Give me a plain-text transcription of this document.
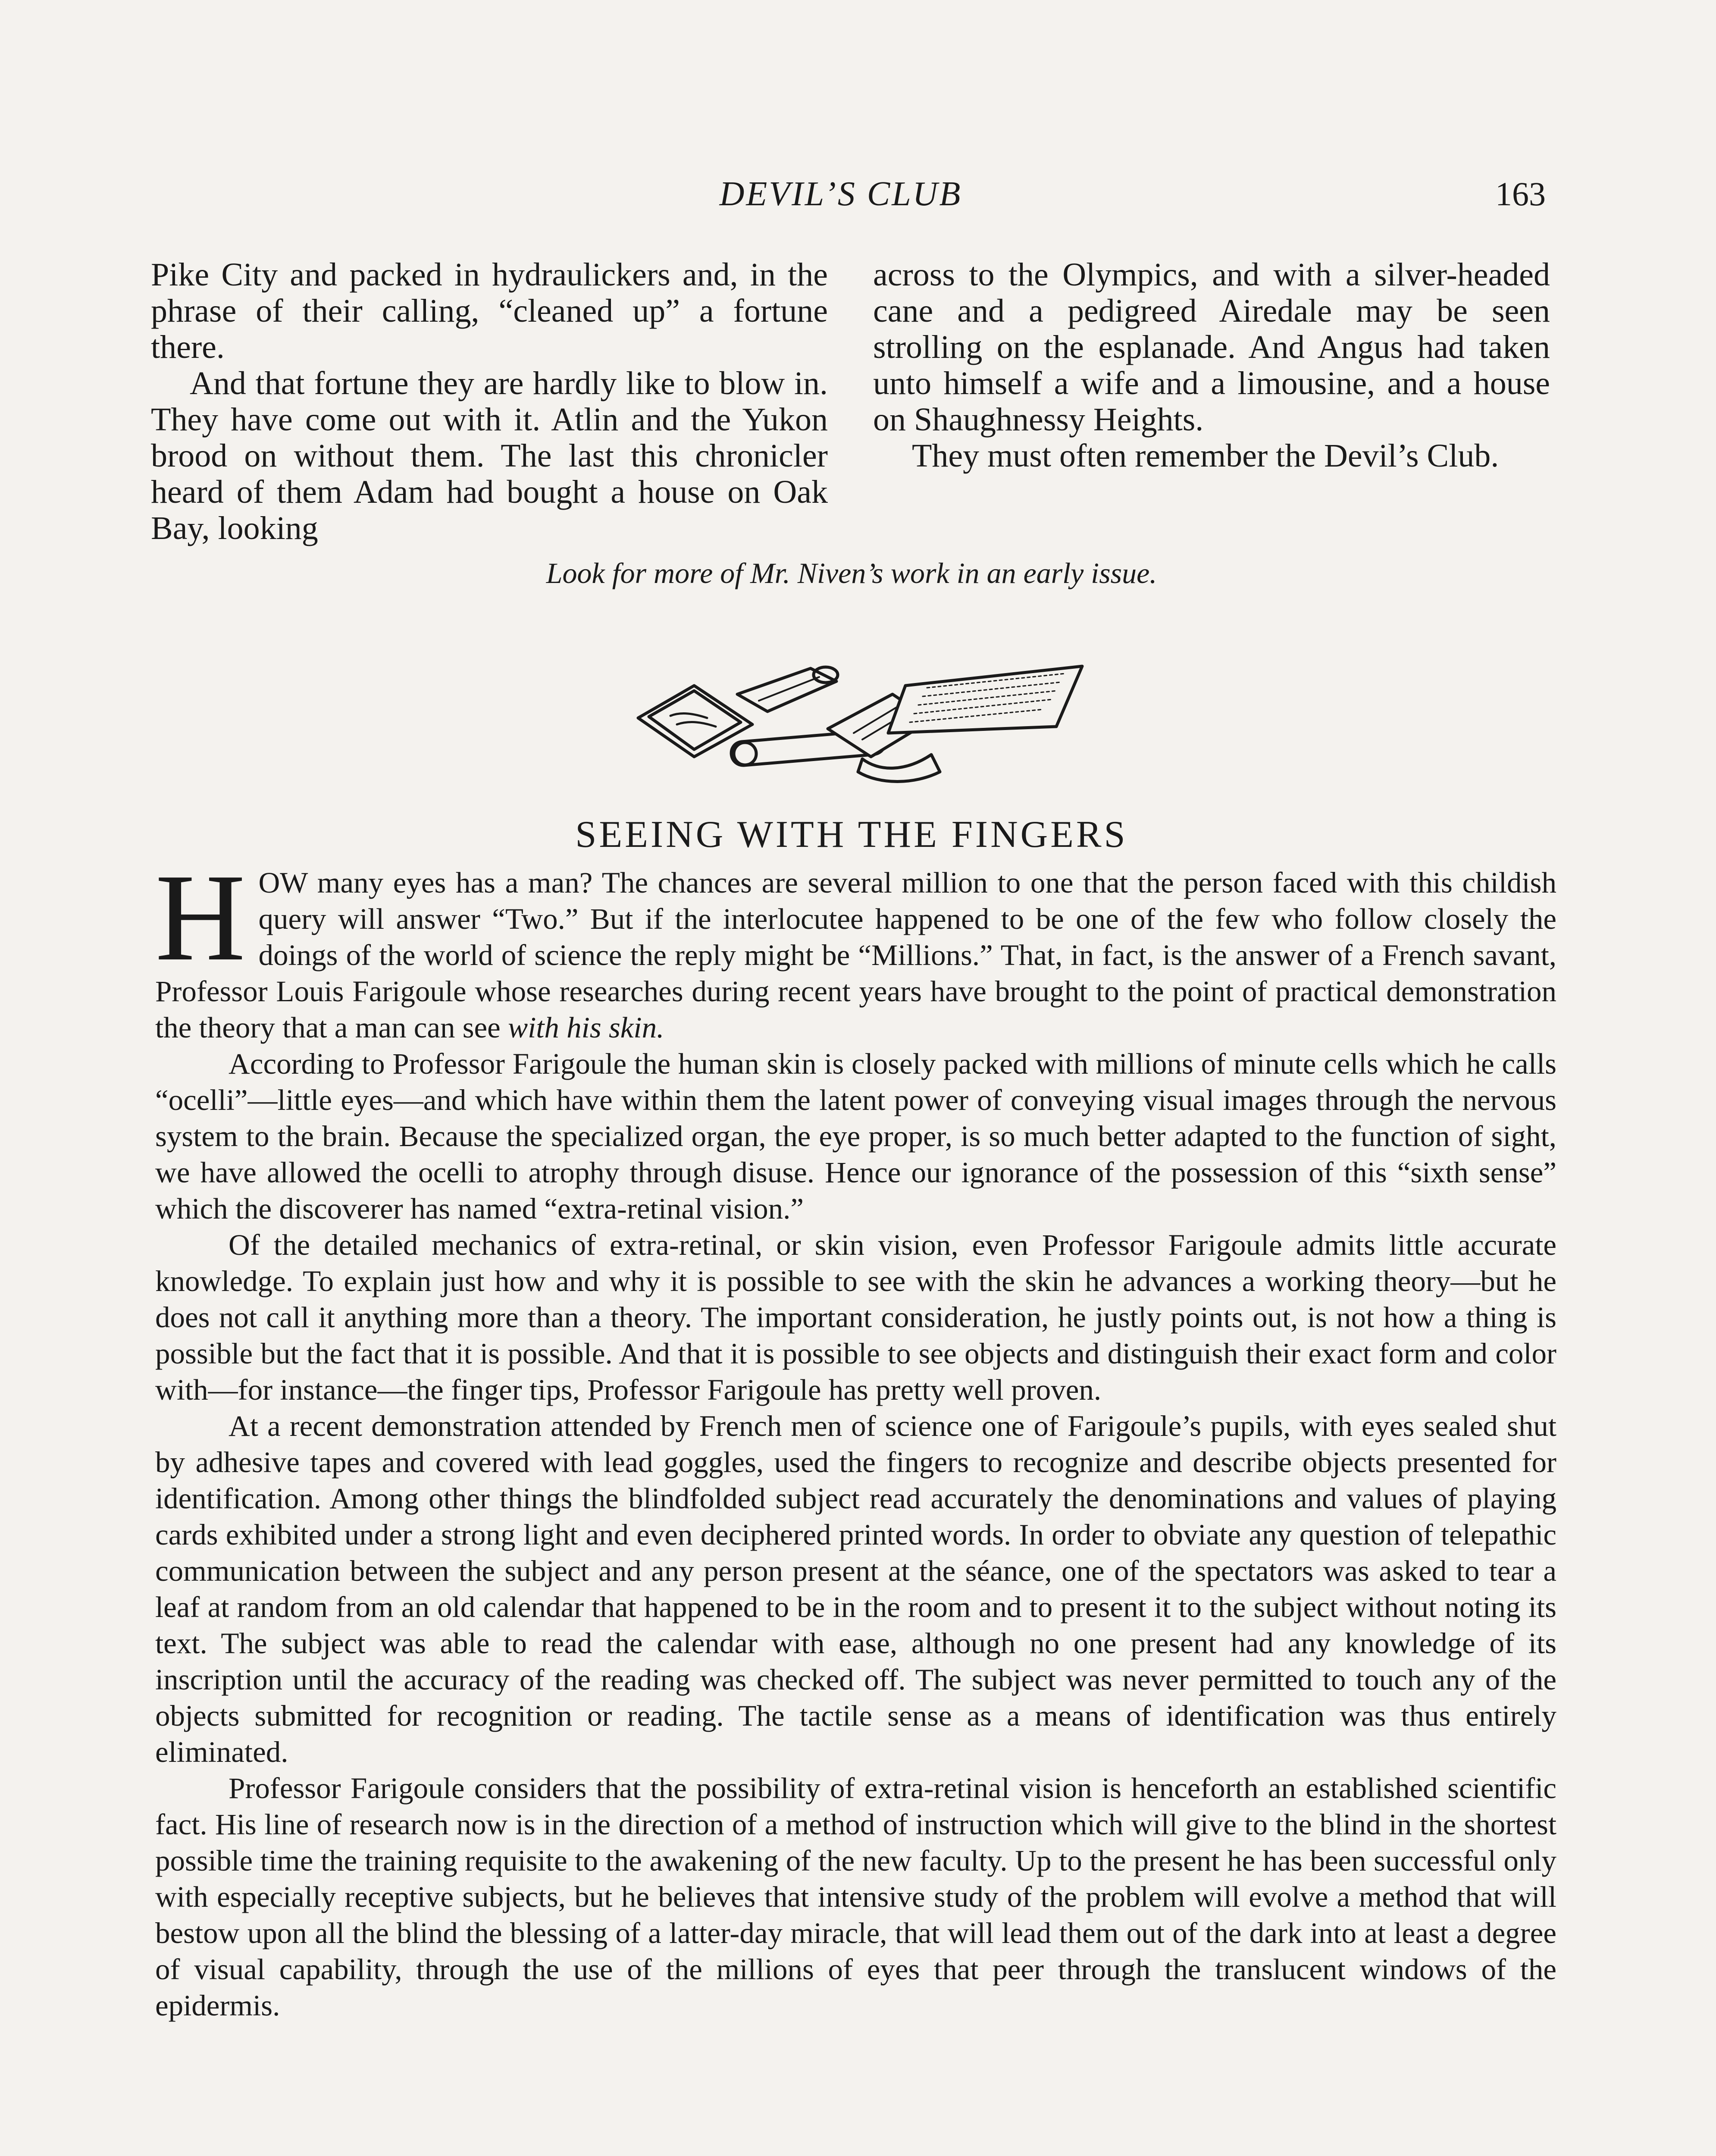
DEVIL’S CLUB	163

Pike City and packed in hydraulickers and, in the phrase of their calling, “cleaned up” a fortune there.

And that fortune they are hardly like to blow in. They have come out with it. Atlin and the Yukon brood on without them. The last this chronicler heard of them Adam had bought a house on Oak Bay, looking

across to the Olympics, and with a silver-headed cane and a pedigreed Airedale may be seen strolling on the esplanade. And Angus had taken unto himself a wife and a limousine, and a house on Shaughnessy Heights.

They must often remember the Devil’s Club.

Look for more of Mr. Niven’s work in an early issue.
SEEING WITH THE FINGERS

HOW many eyes has a man? The chances are several million to one that the person faced with this childish query will answer “Two.” But if the interlocutee happened to be one of the few who follow closely the doings of the world of science the reply might be “Millions.” That, in fact, is the answer of a French savant, Professor Louis Farigoule whose researches during recent years have brought to the point of practical demonstration the theory that a man can see with his skin.

According to Professor Farigoule the human skin is closely packed with millions of minute cells which he calls “ocelli”—little eyes—and which have within them the latent power of conveying visual images through the nervous system to the brain. Because the specialized organ, the eye proper, is so much better adapted to the function of sight, we have allowed the ocelli to atrophy through disuse. Hence our ignorance of the possession of this “sixth sense” which the discoverer has named “extra-retinal vision.”

Of the detailed mechanics of extra-retinal, or skin vision, even Professor Farigoule admits little accurate knowledge. To explain just how and why it is possible to see with the skin he advances a working theory—but he does not call it anything more than a theory. The important consideration, he justly points out, is not how a thing is possible but the fact that it is possible. And that it is possible to see objects and distinguish their exact form and color with—for instance—the finger tips, Professor Farigoule has pretty well proven.

At a recent demonstration attended by French men of science one of Farigoule’s pupils, with eyes sealed shut by adhesive tapes and covered with lead goggles, used the fingers to recognize and describe objects presented for identification. Among other things the blindfolded subject read accurately the denominations and values of playing cards exhibited under a strong light and even deciphered printed words. In order to obviate any question of telepathic communication between the subject and any person present at the séance, one of the spectators was asked to tear a leaf at random from an old calendar that happened to be in the room and to present it to the subject without noting its text. The subject was able to read the calendar with ease, although no one present had any knowledge of its inscription until the accuracy of the reading was checked off. The subject was never permitted to touch any of the objects submitted for recognition or reading. The tactile sense as a means of identification was thus entirely eliminated.

Professor Farigoule considers that the possibility of extra-retinal vision is henceforth an established scientific fact. His line of research now is in the direction of a method of instruction which will give to the blind in the shortest possible time the training requisite to the awakening of the new faculty. Up to the present he has been successful only with especially receptive subjects, but he believes that intensive study of the problem will evolve a method that will bestow upon all the blind the blessing of a latter-day miracle, that will lead them out of the dark into at least a degree of visual capability, through the use of the millions of eyes that peer through the translucent windows of the epidermis.
